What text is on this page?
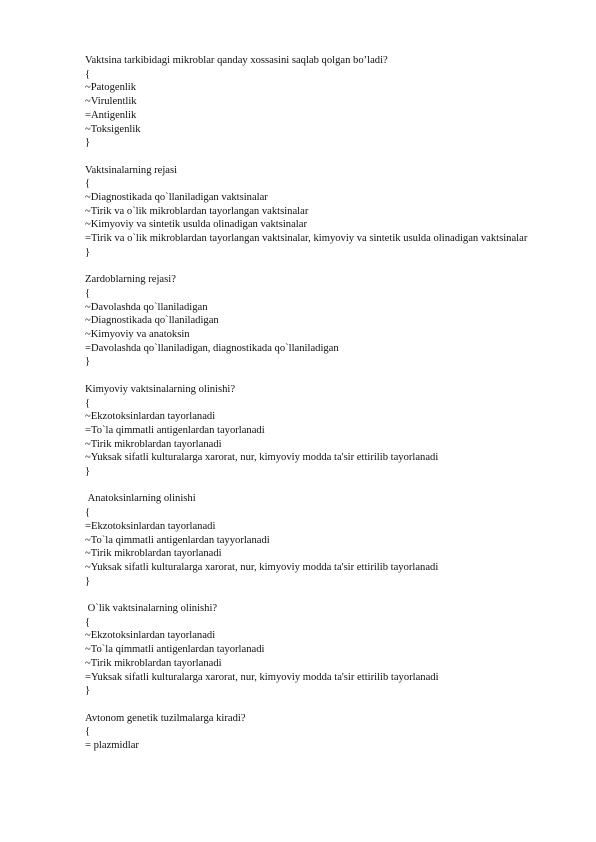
Vaktsina tarkibidagi mikroblar qanday xossasini saqlab qolgan bo’ladi?
{
~Patogenlik
~Virulentlik
=Antigenlik
~Toksigenlik
}
Vaktsinalarning rejasi
{
~Diagnostikada qo`llaniladigan vaktsinalar
~Tirik va o`lik mikroblardan tayorlangan vaktsinalar
~Kimyoviy va sintetik usulda olinadigan vaktsinalar
=Tirik va o`lik mikroblardan tayorlangan vaktsinalar, kimyoviy va sintetik usulda olinadigan vaktsinalar
}
Zardoblarning rejasi?
{
~Davolashda qo`llaniladigan
~Diagnostikada qo`llaniladigan
~Kimyoviy va anatoksin
=Davolashda qo`llaniladigan, diagnostikada qo`llaniladigan
}
Kimyoviy vaktsinalarning olinishi?
{
~Ekzotoksinlardan tayorlanadi
=To`la qimmatli antigenlardan tayorlanadi
~Tirik mikroblardan tayorlanadi
~Yuksak sifatli kulturalarga xarorat, nur, kimyoviy modda ta'sir ettirilib tayorlanadi
}
Anatoksinlarning olinishi
{
=Ekzotoksinlardan tayorlanadi
~To`la qimmatli antigenlardan tayyorlanadi
~Tirik mikroblardan tayorlanadi
~Yuksak sifatli kulturalarga xarorat, nur, kimyoviy modda ta'sir ettirilib tayorlanadi
}
O`lik vaktsinalarning olinishi?
{
~Ekzotoksinlardan tayorlanadi
~To`la qimmatli antigenlardan tayorlanadi
~Tirik mikroblardan tayorlanadi
=Yuksak sifatli kulturalarga xarorat, nur, kimyoviy modda ta'sir ettirilib tayorlanadi
}
Avtonom genetik tuzilmalarga kiradi?
{
= plazmidlar
